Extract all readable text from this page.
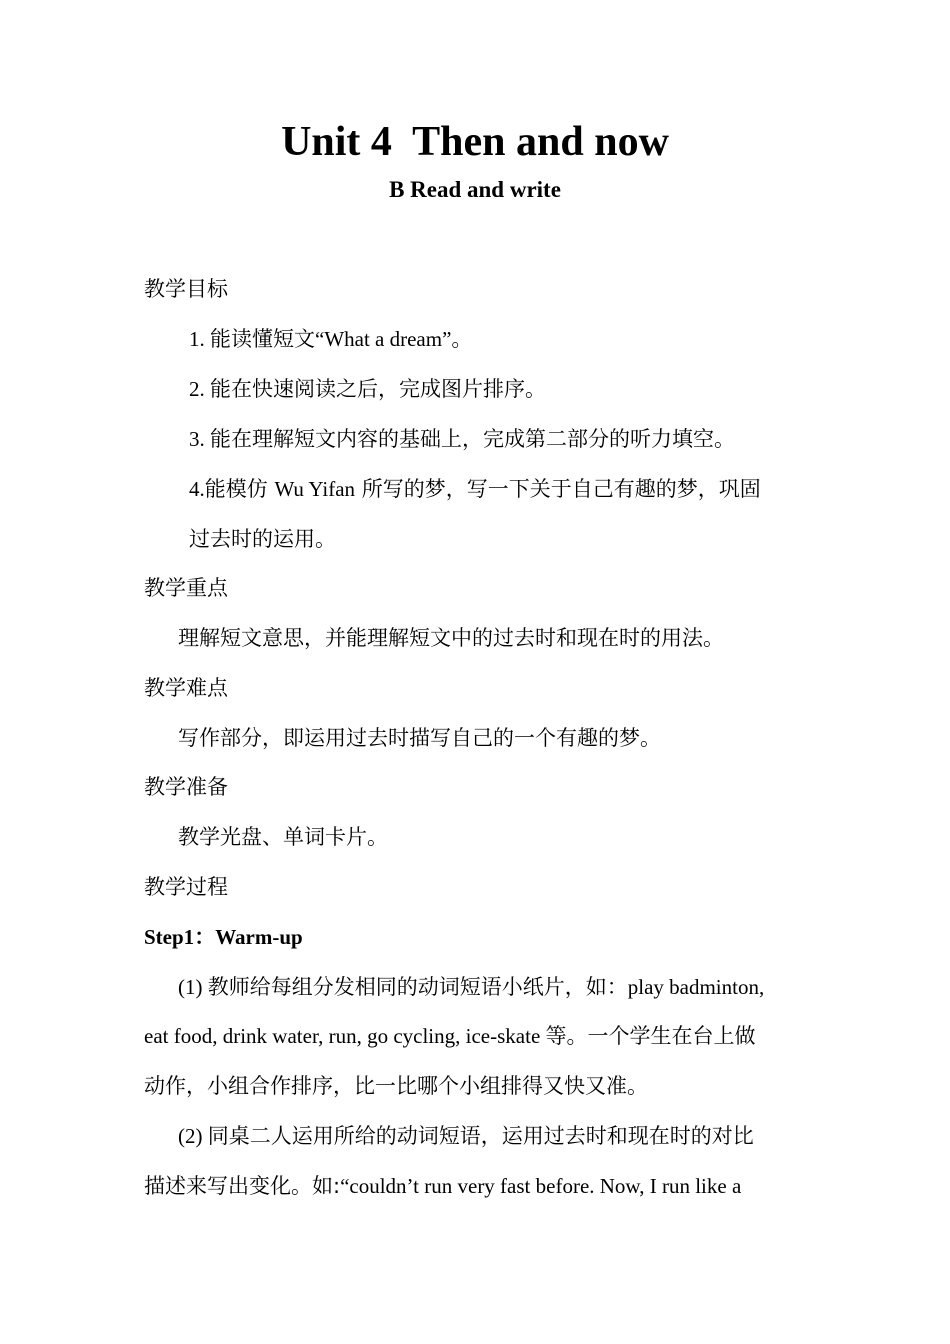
Unit 4  Then and now
B Read and write
教学目标
1. 能读懂短文“What a dream”。
2. 能在快速阅读之后，完成图片排序。
3. 能在理解短文内容的基础上，完成第二部分的听力填空。
4.能模仿 Wu Yifan 所写的梦，写一下关于自己有趣的梦，巩固
过去时的运用。
教学重点
理解短文意思，并能理解短文中的过去时和现在时的用法。
教学难点
写作部分，即运用过去时描写自己的一个有趣的梦。
教学准备
教学光盘、单词卡片。
教学过程
Step1：Warm-up
(1) 教师给每组分发相同的动词短语小纸片，如：play badminton,
eat food, drink water, run, go cycling, ice-skate 等。一个学生在台上做
动作，小组合作排序，比一比哪个小组排得又快又准。
(2) 同桌二人运用所给的动词短语，运用过去时和现在时的对比
描述来写出变化。如:“couldn’t run very fast before. Now, I run like a
